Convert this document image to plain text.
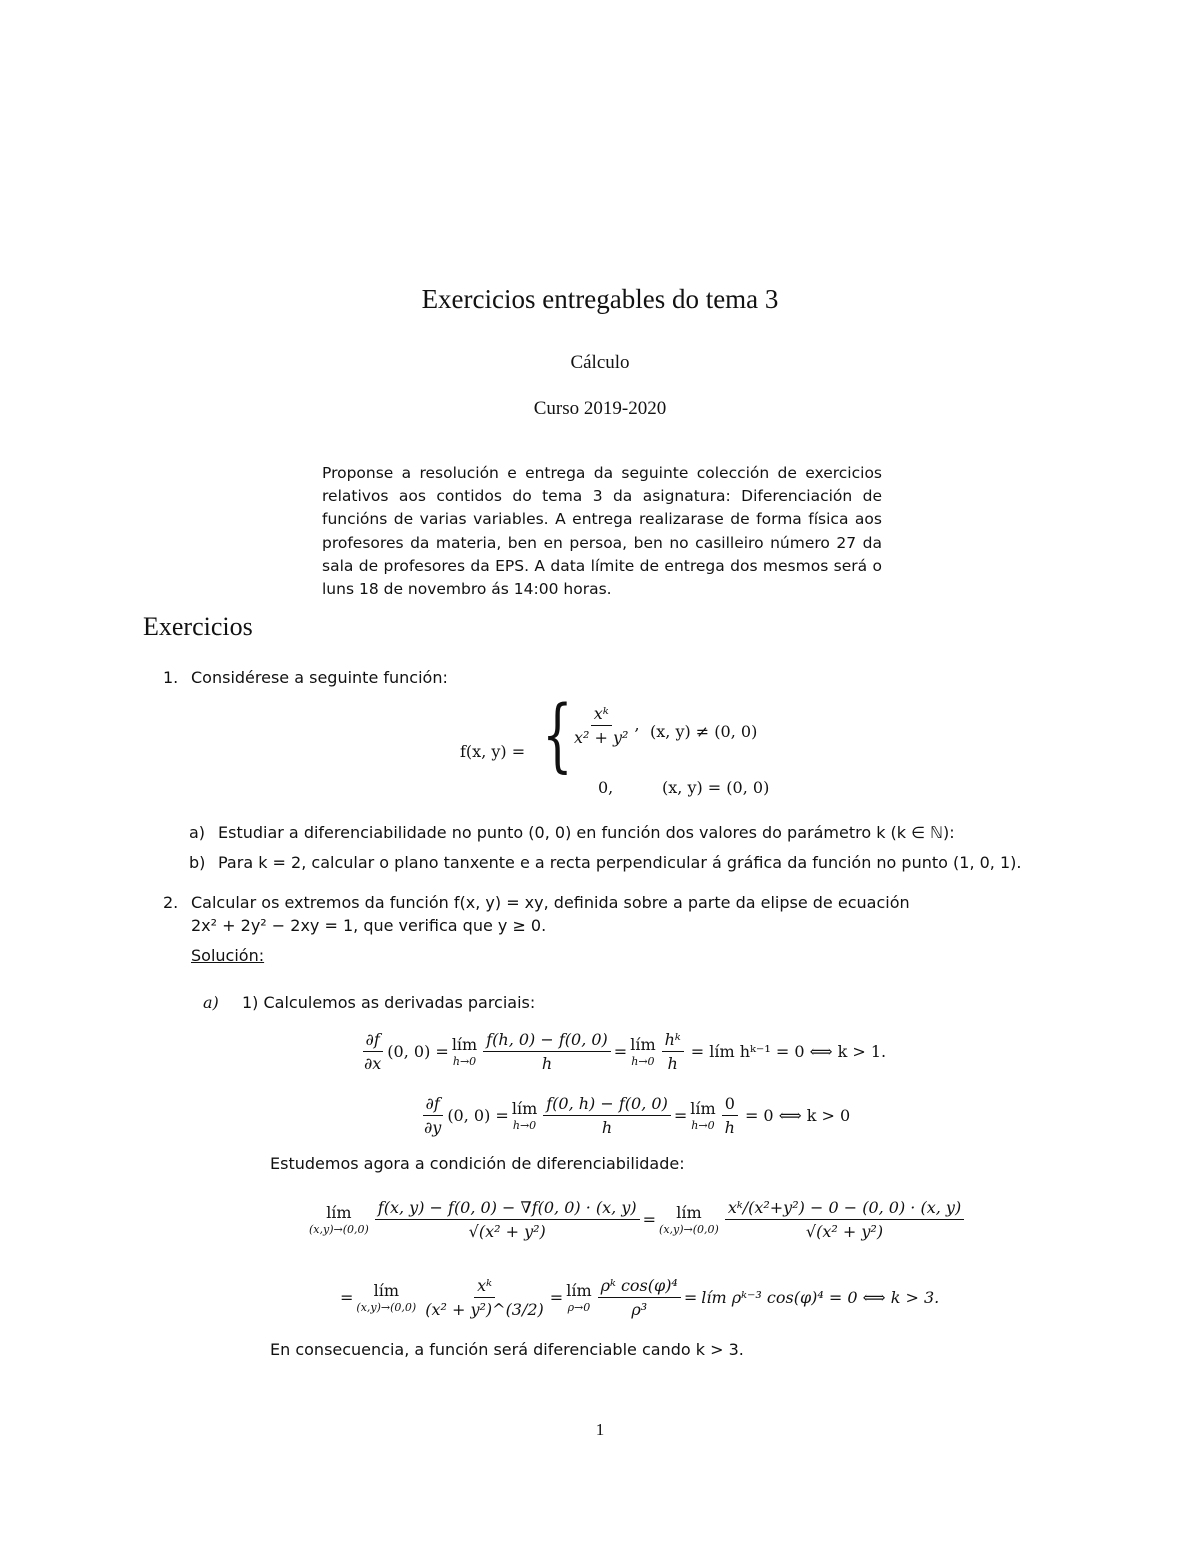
Exercicios entregables do tema 3
Cálculo
Curso 2019-2020
Proponse a resolución e entrega da seguinte colección de exercicios relativos aos contidos do tema 3 da asignatura: Diferenciación de funcións de varias variables. A entrega realizarase de forma física aos profesores da materia, ben en persoa, ben no casilleiro número 27 da sala de profesores da EPS. A data límite de entrega dos mesmos será o luns 18 de novembro ás 14:00 horas.
Exercicios
1. Considérese a seguinte función:
f(x, y) = {
$\frac{\text{xᵏ}}{\text{x² + y²}}$ , (x, y) ≠ (0, 0)
0,	(x, y) = (0, 0)
a) Estudiar a diferenciabilidade no punto (0, 0) en función dos valores do parámetro k (k ∈ ℕ):
b) Para k = 2, calcular o plano tanxente e a recta perpendicular á gráfica da función no punto (1, 0, 1).
2. Calcular os extremos da función f(x, y) = xy, definida sobre a parte da elipse de ecuación
2x² + 2y² − 2xy = 1, que verifica que y ≥ 0.
Solución:
a) 1) Calculemos as derivadas parciais:
$\frac{\partial f}{\partial x} (0$, 0) = lím
$h\to 0 \frac{f(h, 0) - f(0, 0)}{h}$ = lím
$h\to 0 \frac{\text{hᵏ}}{h}$ = lím hᵏ⁻¹ = 0 ⟺ k > 1.
$\frac{\partial f}{\partial y} (0$, 0) = lím
$h\to 0 \frac{f(0, h) - f(0, 0)}{h}$ = lím
$h\to 0 \frac{0}{h} = 0$ ⟺ k > 0
Estudemos agora a condición de diferenciabilidade:
lím
$(x,y)\to(0,0) \frac{f(x, y) - f(0, 0) - \nabla f(0, 0) \cdot (x, y)}{\text{√(x² + y²)}}$ = lím
$(x,y)\to(0,0) \frac{\text{xᵏ/(x²+y²) − 0 − (0, 0) · (x, y)}}{\text{√(x² + y²)}}$
= lím
$(x,y)\to(0,0) \frac{\text{xᵏ}}{\text{(x² + y²)\textasciicircum{}(3/2)}}$ = lím
$\rho\to 0 \frac{\text{ρᵏ cos(φ)⁴}}{\text{ρ³}}$ = lím ρᵏ⁻³ cos(φ)⁴ = 0 ⟺ k > 3.
En consecuencia, a función será diferenciable cando k > 3.
1
